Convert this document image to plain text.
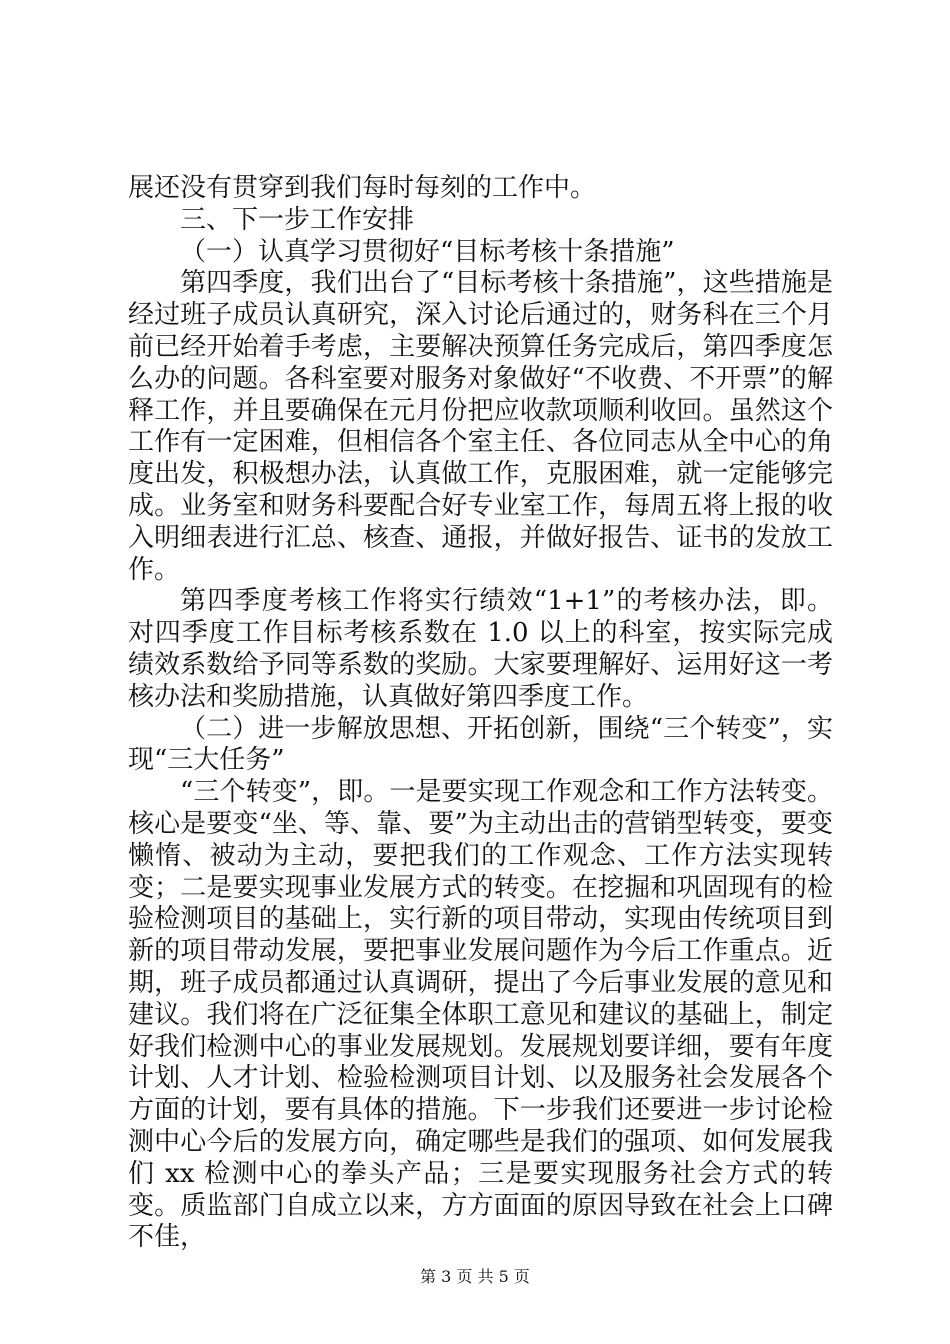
展还没有贯穿到我们每时每刻的工作中。

三、下一步工作安排

（一）认真学习贯彻好“目标考核十条措施”

第四季度，我们出台了“目标考核十条措施”，这些措施是经过班子成员认真研究，深入讨论后通过的，财务科在三个月前已经开始着手考虑，主要解决预算任务完成后，第四季度怎么办的问题。各科室要对服务对象做好“不收费、不开票”的解释工作，并且要确保在元月份把应收款项顺利收回。虽然这个工作有一定困难，但相信各个室主任、各位同志从全中心的角度出发，积极想办法，认真做工作，克服困难，就一定能够完成。业务室和财务科要配合好专业室工作，每周五将上报的收入明细表进行汇总、核查、通报，并做好报告、证书的发放工作。

第四季度考核工作将实行绩效“1+1”的考核办法，即。对四季度工作目标考核系数在 1.0 以上的科室，按实际完成绩效系数给予同等系数的奖励。大家要理解好、运用好这一考核办法和奖励措施，认真做好第四季度工作。

（二）进一步解放思想、开拓创新，围绕“三个转变”，实现“三大任务”

“三个转变”，即。一是要实现工作观念和工作方法转变。核心是要变“坐、等、靠、要”为主动出击的营销型转变，要变懒惰、被动为主动，要把我们的工作观念、工作方法实现转变；二是要实现事业发展方式的转变。在挖掘和巩固现有的检验检测项目的基础上，实行新的项目带动，实现由传统项目到新的项目带动发展，要把事业发展问题作为今后工作重点。近期，班子成员都通过认真调研，提出了今后事业发展的意见和建议。我们将在广泛征集全体职工意见和建议的基础上，制定好我们检测中心的事业发展规划。发展规划要详细，要有年度计划、人才计划、检验检测项目计划、以及服务社会发展各个方面的计划，要有具体的措施。下一步我们还要进一步讨论检测中心今后的发展方向，确定哪些是我们的强项、如何发展我们 xx 检测中心的拳头产品；三是要实现服务社会方式的转变。质监部门自成立以来，方方面面的原因导致在社会上口碑不佳，

第 3 页 共 5 页
